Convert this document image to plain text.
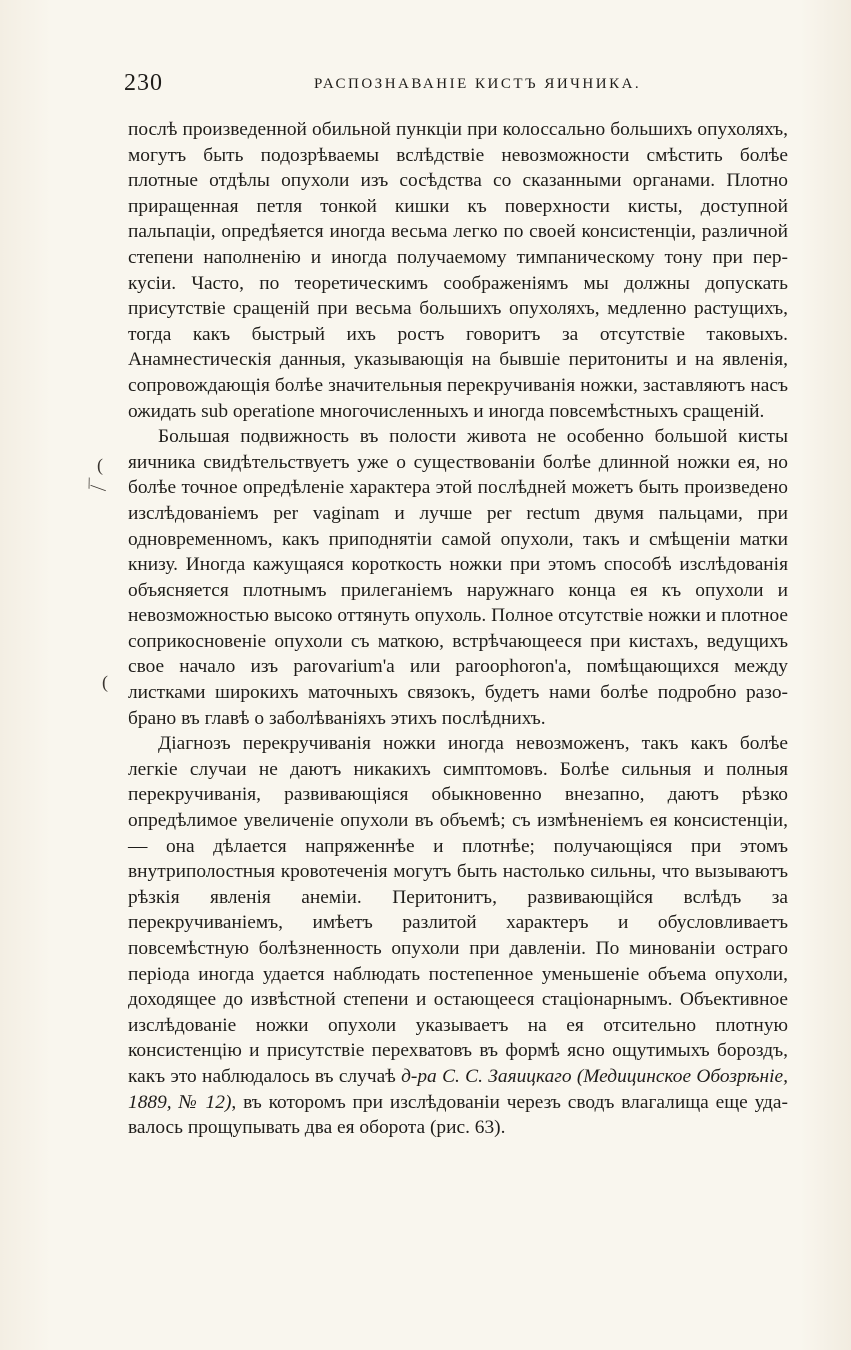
230	РАСПОЗНАВАНІЕ КИСТЪ ЯИЧНИКА.

послѣ произведенной обильной пункціи при колоссально большихъ опухоляхъ, могутъ быть подозрѣваемы вслѣдствіе невозможности смѣстить болѣе плотные отдѣлы опухоли изъ сосѣдства со сказанными органами. Плотно приращенная петля тонкой кишки къ поверхности кисты, доступной пальпаціи, опредѣяется иногда весьма легко по своей консистенціи, различной степени наполненію и иногда получаемому тимпаническому тону при перкусіи. Часто, по теоретическимъ соображеніямъ мы должны допускать присутствіе сращеній при весьма большихъ опухоляхъ, медленно растущихъ, тогда какъ быстрый ихъ ростъ говоритъ за отсутствіе таковыхъ. Анамнестическія данныя, указывающія на бывшіе перитониты и на явленія, сопровождающія болѣе значительныя перекручиванія ножки, заставляютъ насъ ожидать sub operatione многочисленныхъ и иногда повсемѣстныхъ сращеній.

Большая подвижность въ полости живота не особенно большой кисты яичника свидѣтельствуетъ уже о существованіи болѣе длинной ножки ея, но болѣе точное опредѣленіе характера этой послѣдней можетъ быть произведено изслѣдованіемъ per vaginam и лучше per rectum двумя пальцами, при одновременномъ, какъ приподнятіи самой опухоли, такъ и смѣщеніи матки книзу. Иногда кажущаяся короткость ножки при этомъ способѣ изслѣдованія объясняется плотнымъ прилеганіемъ наружнаго конца ея къ опухоли и невозможностью высоко оттянуть опухоль. Полное отсутствіе ножки и плотное соприкосновеніе опухоли съ маткою, встрѣчающееся при кистахъ, ведущихъ свое начало изъ parovarium'а или paroophoron'а, помѣщающихся между листками широкихъ маточныхъ связокъ, будетъ нами болѣе подробно разобрано въ главѣ о заболѣваніяхъ этихъ послѣднихъ.

Діагнозъ перекручиванія ножки иногда невозможенъ, такъ какъ болѣе легкіе случаи не даютъ никакихъ симптомовъ. Болѣе сильныя и полныя перекручиванія, развивающіяся обыкновенно внезапно, даютъ рѣзко опредѣлимое увеличеніе опухоли въ объемѣ; съ измѣненіемъ ея консистенціи, — она дѣлается напряженнѣе и плотнѣе; получающіяся при этомъ внутриполостныя кровотеченія могутъ быть настолько сильны, что вызываютъ рѣзкія явленія анеміи. Перитонитъ, развивающійся вслѣдъ за перекручиваніемъ, имѣетъ разлитой характеръ и обусловливаетъ повсемѣстную болѣзненность опухоли при давленіи. По минованіи остраго періода иногда удается наблюдать постепенное уменьшеніе объема опухоли, доходящее до извѣстной степени и остающееся стаціонарнымъ. Объективное изслѣдованіе ножки опухоли указываетъ на ея отсительно плотную консистенцію и присутствіе перехватовъ въ формѣ ясно ощутимыхъ бороздъ, какъ это наблюдалось въ случаѣ д-ра С. С. Заяицкаго (Медицинское Обозрѣніе, 1889, № 12), въ которомъ при изслѣдованіи черезъ сводъ влагалища еще удавалось прощупывать два ея оборота (рис. 63).

(
\—
(
